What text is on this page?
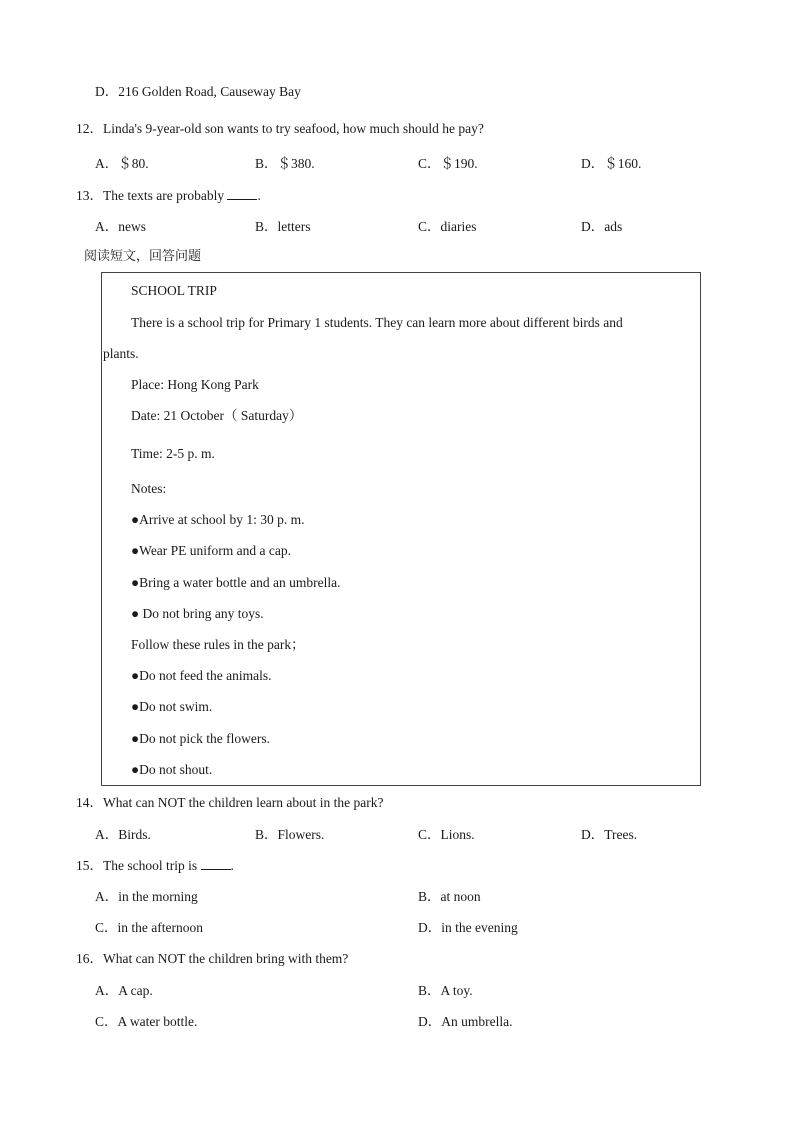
D．216 Golden Road, Causeway Bay
12．Linda's 9-year-old son wants to try seafood, how much should he pay?
A．＄80.	B．＄380.	C．＄190.	D．＄160.
13．The texts are probably .
A．news	B．letters	C．diaries	D．ads
阅读短文，回答问题
SCHOOL TRIP
There is a school trip for Primary 1 students. They can learn more about different birds and
plants.
Place: Hong Kong Park
Date: 21 October（ Saturday）
Time: 2-5 p. m.
Notes:
●Arrive at school by 1: 30 p. m.
●Wear PE uniform and a cap.
●Bring a water bottle and an umbrella.
● Do not bring any toys.
Follow these rules in the park；
●Do not feed the animals.
●Do not swim.
●Do not pick the flowers.
●Do not shout.
14．What can NOT the children learn about in the park?
A．Birds.	B．Flowers.	C．Lions.	D．Trees.
15．The school trip is .
A．in the morning	B．at noon
C．in the afternoon	D．in the evening
16．What can NOT the children bring with them?
A．A cap.	B．A toy.
C．A water bottle.	D．An umbrella.
